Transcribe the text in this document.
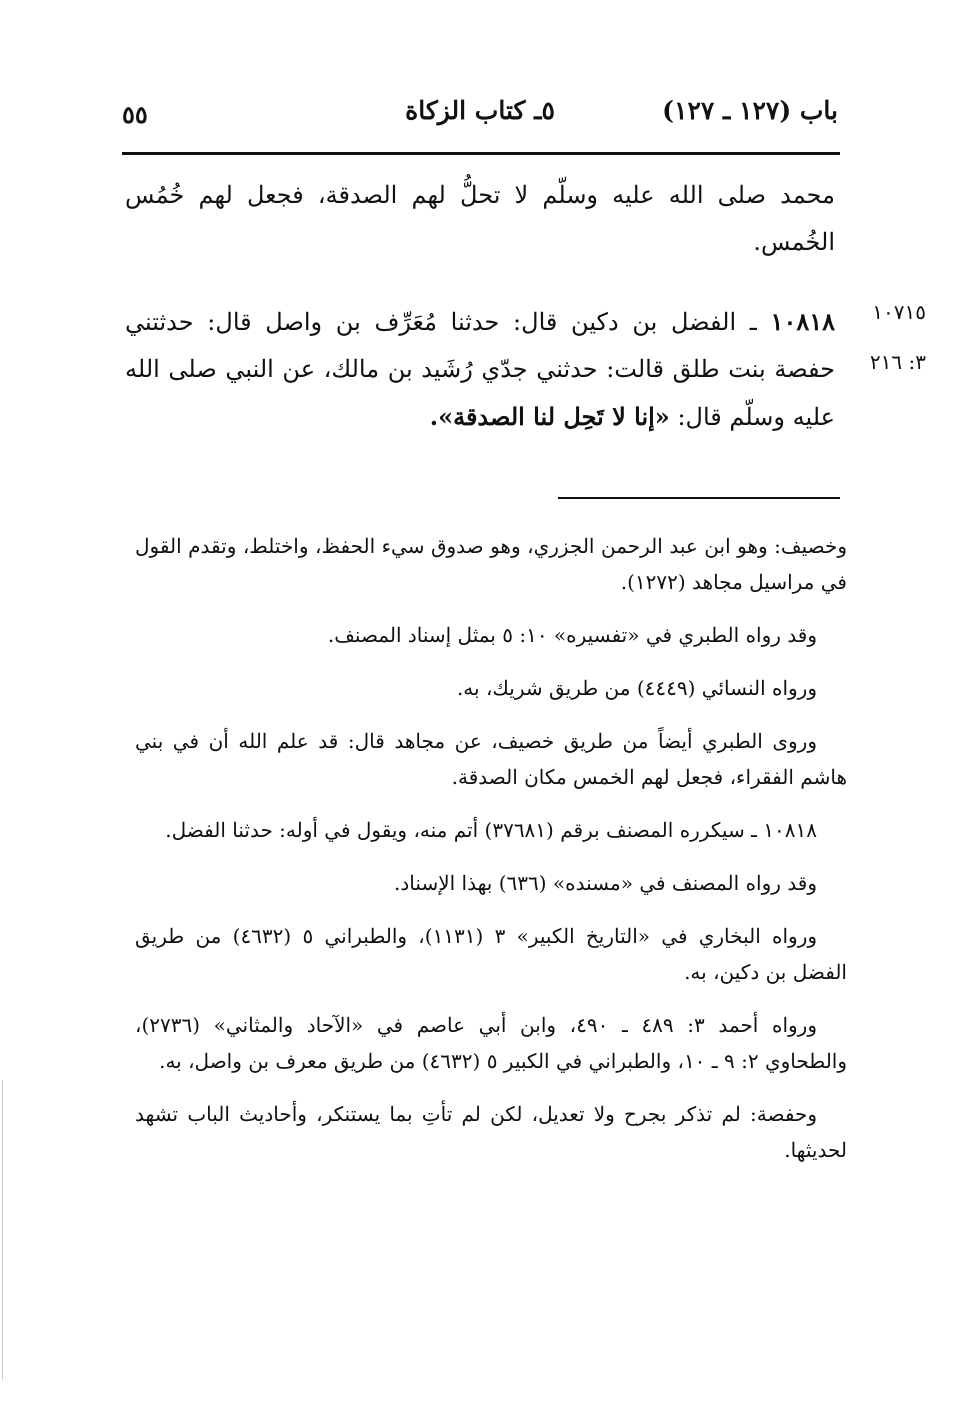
باب (١٢٧ ـ ١٢٧)
٥ـ كتاب الزكاة
٥٥
محمد صلى الله عليه وسلّم لا تحلُّ لهم الصدقة، فجعل لهم خُمُس الخُمس.
١٠٧١٥
٣: ٢١٦
١٠٨١٨ ـ الفضل بن دكين قال: حدثنا مُعَرِّف بن واصل قال: حدثتني حفصة بنت طلق قالت: حدثني جدّي رُشَيد بن مالك، عن النبي صلى الله عليه وسلّم قال: «إنا لا تَحِل لنا الصدقة».

وخصيف: وهو ابن عبد الرحمن الجزري، وهو صدوق سيء الحفظ، واختلط، وتقدم القول في مراسيل مجاهد (١٢٧٢).

وقد رواه الطبري في «تفسيره» ١٠: ٥ بمثل إسناد المصنف.

ورواه النسائي (٤٤٤٩) من طريق شريك، به.

وروى الطبري أيضاً من طريق خصيف، عن مجاهد قال: قد علم الله أن في بني هاشم الفقراء، فجعل لهم الخمس مكان الصدقة.

١٠٨١٨ ـ سيكرره المصنف برقم (٣٧٦٨١) أتم منه، ويقول في أوله: حدثنا الفضل.

وقد رواه المصنف في «مسنده» (٦٣٦) بهذا الإسناد.

ورواه البخاري في «التاريخ الكبير» ٣ (١١٣١)، والطبراني ٥ (٤٦٣٢) من طريق الفضل بن دكين، به.

ورواه أحمد ٣: ٤٨٩ ـ ٤٩٠، وابن أبي عاصم في «الآحاد والمثاني» (٢٧٣٦)، والطحاوي ٢: ٩ ـ ١٠، والطبراني في الكبير ٥ (٤٦٣٢) من طريق معرف بن واصل، به.

وحفصة: لم تذكر بجرح ولا تعديل، لكن لم تأتِ بما يستنكر، وأحاديث الباب تشهد لحديثها.
